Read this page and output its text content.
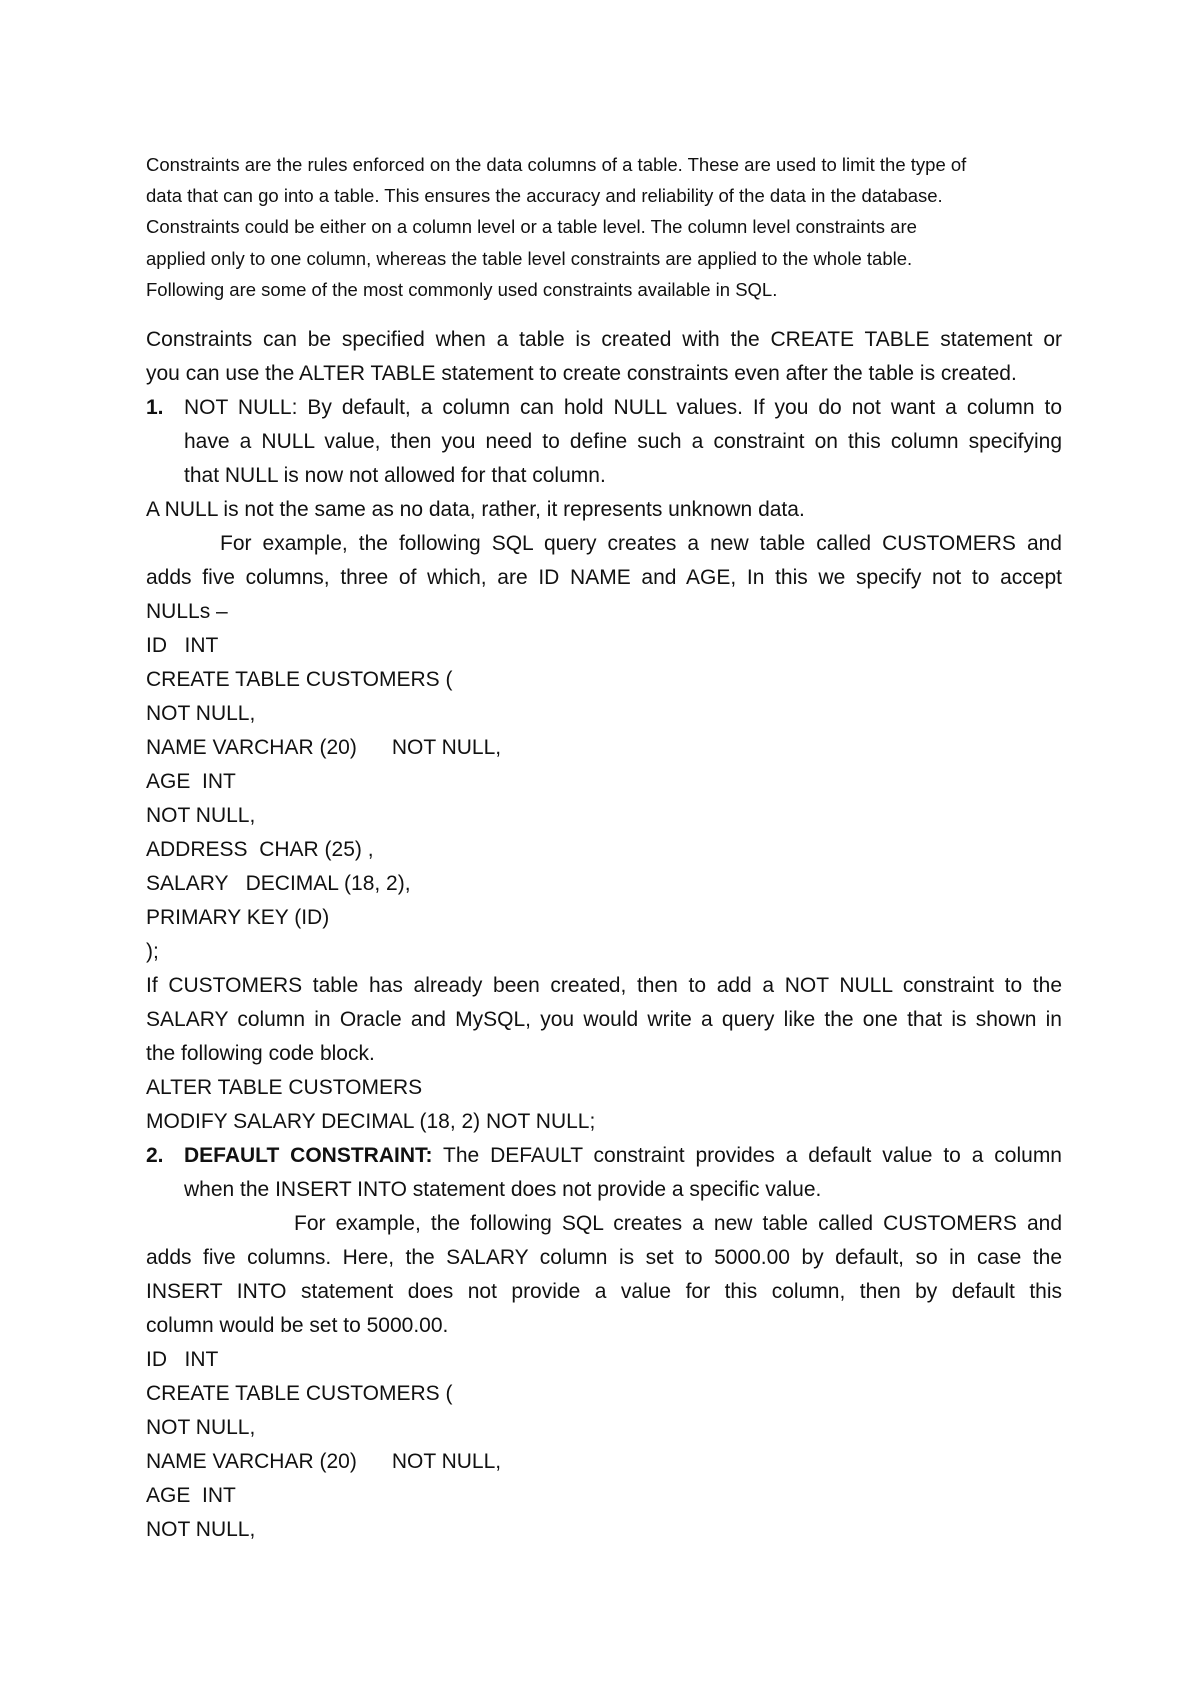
Constraints are the rules enforced on the data columns of a table. These are used to limit the type of
data that can go into a table. This ensures the accuracy and reliability of the data in the database.
Constraints could be either on a column level or a table level. The column level constraints are
applied only to one column, whereas the table level constraints are applied to the whole table.
Following are some of the most commonly used constraints available in SQL.

Constraints can be specified when a table is created with the CREATE TABLE statement or
you can use the ALTER TABLE statement to create constraints even after the table is created.
1. NOT NULL: By default, a column can hold NULL values. If you do not want a column to
have a NULL value, then you need to define such a constraint on this column specifying
that NULL is now not allowed for that column.
A NULL is not the same as no data, rather, it represents unknown data.
For example, the following SQL query creates a new table called CUSTOMERS and
adds five columns, three of which, are ID NAME and AGE, In this we specify not to accept
NULLs –
ID   INT
CREATE TABLE CUSTOMERS (
NOT NULL,
NAME VARCHAR (20)      NOT NULL,
AGE  INT
NOT NULL,
ADDRESS  CHAR (25) ,
SALARY   DECIMAL (18, 2),
PRIMARY KEY (ID)
);
If CUSTOMERS table has already been created, then to add a NOT NULL constraint to the
SALARY column in Oracle and MySQL, you would write a query like the one that is shown in
the following code block.
ALTER TABLE CUSTOMERS
MODIFY SALARY DECIMAL (18, 2) NOT NULL;
2. DEFAULT CONSTRAINT: The DEFAULT constraint provides a default value to a column
when the INSERT INTO statement does not provide a specific value.
For example, the following SQL creates a new table called CUSTOMERS and
adds five columns. Here, the SALARY column is set to 5000.00 by default, so in case the
INSERT INTO statement does not provide a value for this column, then by default this
column would be set to 5000.00.
ID   INT
CREATE TABLE CUSTOMERS (
NOT NULL,
NAME VARCHAR (20)      NOT NULL,
AGE  INT
NOT NULL,
